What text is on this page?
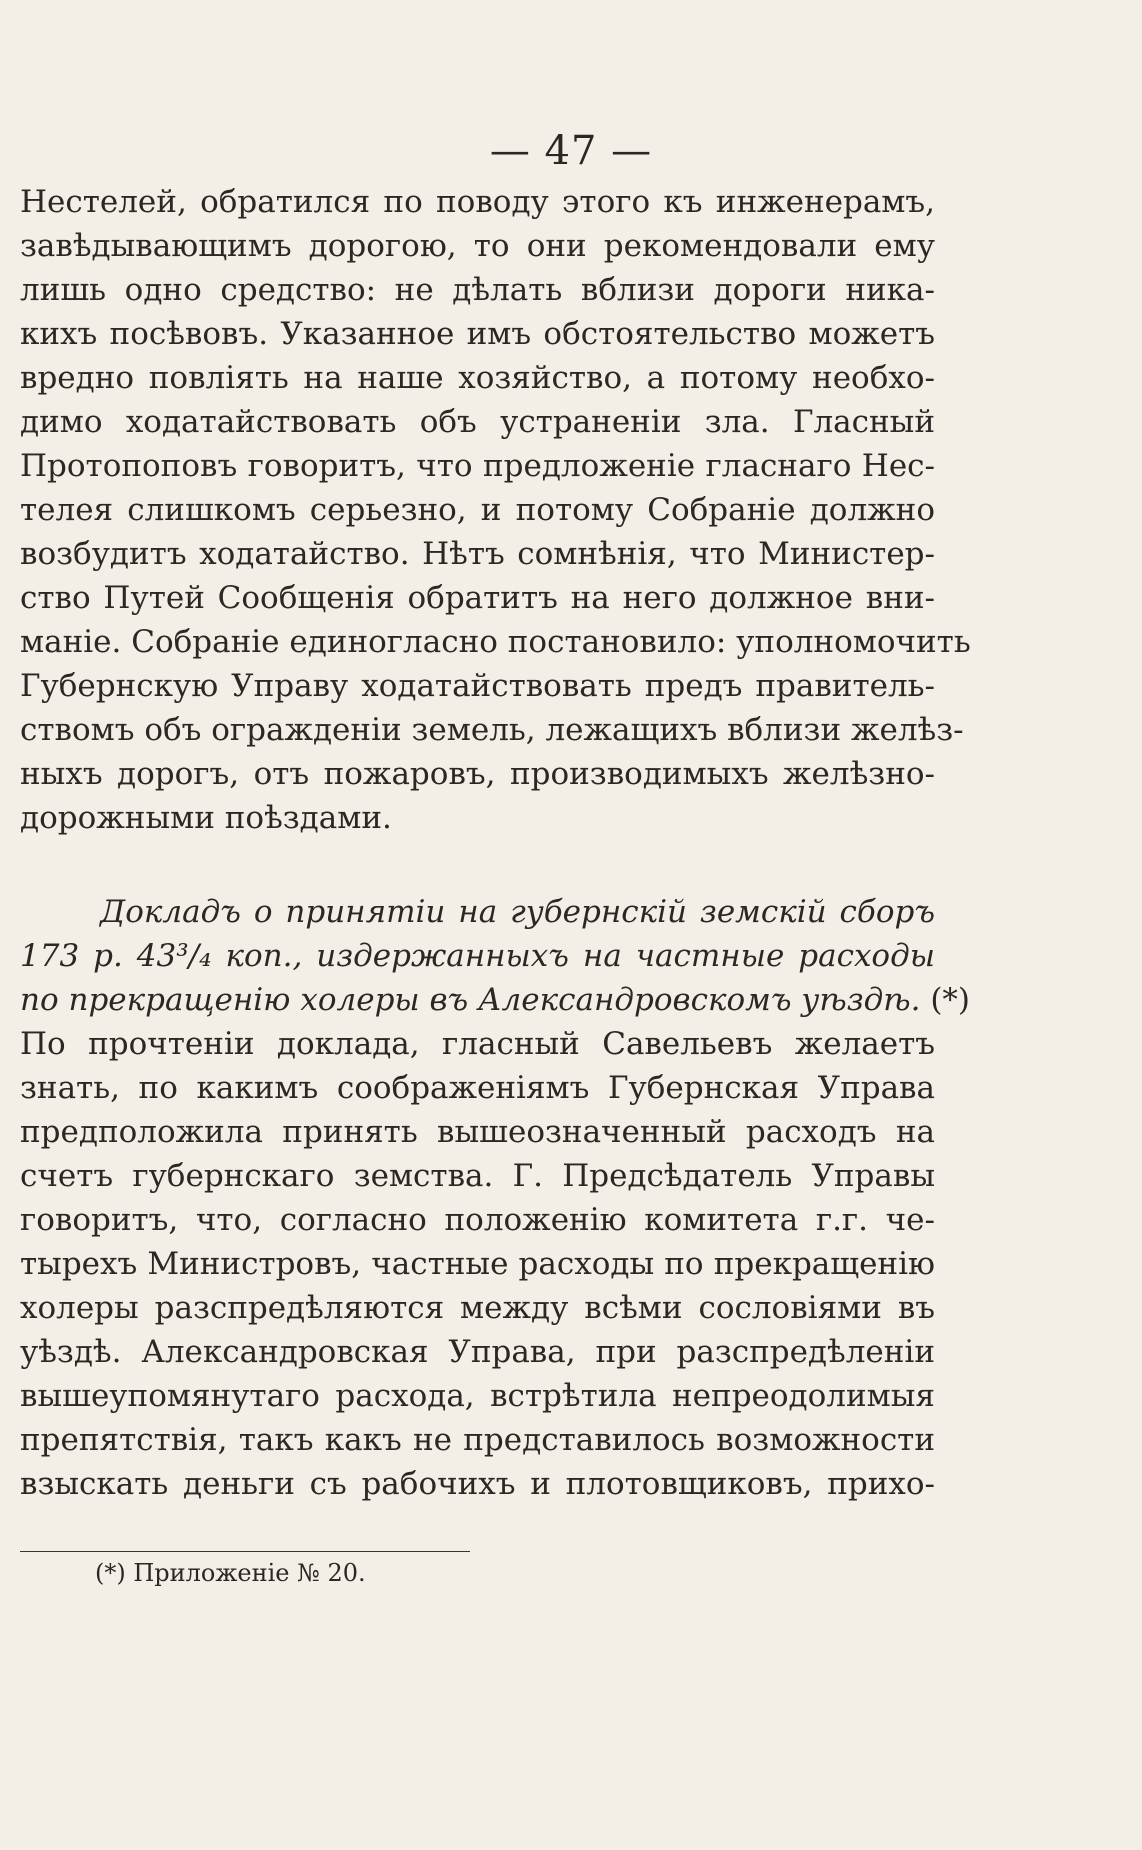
— 47 —
Нестелей, обратился по поводу этого къ инженерамъ,
завѣдывающимъ дорогою, то они рекомендовали ему
лишь одно средство: не дѣлать вблизи дороги ника-
кихъ посѣвовъ. Указанное имъ обстоятельство можетъ
вредно повліять на наше хозяйство, а потому необхо-
димо ходатайствовать объ устраненіи зла. Гласный
Протопоповъ говоритъ, что предложеніе гласнаго Нес-
телея слишкомъ серьезно, и потому Собраніе должно
возбудитъ ходатайство. Нѣтъ сомнѣнія, что Министер-
ство Путей Сообщенія обратитъ на него должное вни-
маніе. Собраніе единогласно постановило: уполномочить
Губернскую Управу ходатайствовать предъ правитель-
ствомъ объ огражденіи земель, лежащихъ вблизи желѣз-
ныхъ дорогъ, отъ пожаровъ, производимыхъ желѣзно-
дорожными поѣздами.
Докладъ о принятіи на губернскій земскій сборъ
173 р. 43³/₄ коп., издержанныхъ на частные расходы
по прекращенію холеры въ Александровскомъ уѣздѣ. (*)
По прочтеніи доклада, гласный Савельевъ желаетъ
знать, по какимъ соображеніямъ Губернская Управа
предположила принять вышеозначенный расходъ на
счетъ губернскаго земства. Г. Предсѣдатель Управы
говоритъ, что, согласно положенію комитета г.г. че-
тырехъ Министровъ, частные расходы по прекращенію
холеры разспредѣляются между всѣми сословіями въ
уѣздѣ. Александровская Управа, при разспредѣленіи
вышеупомянутаго расхода, встрѣтила непреодолимыя
препятствія, такъ какъ не представилось возможности
взыскать деньги съ рабочихъ и плотовщиковъ, прихо-
(*) Приложеніе № 20.
